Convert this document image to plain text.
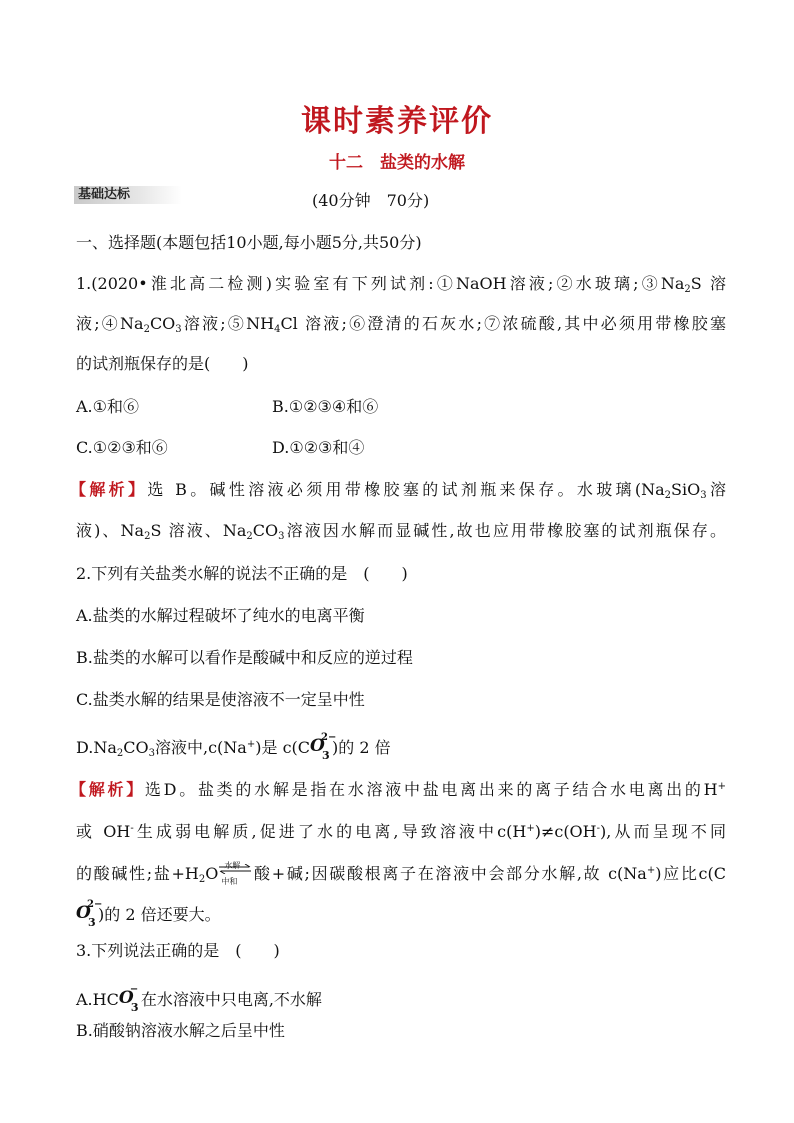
课时素养评价
十二　盐类的水解
基础达标	(40分钟　70分)
一、选择题(本题包括10小题,每小题5分,共50分)
1.(2020•淮北高二检测)实验室有下列试剂:①NaOH溶液;②水玻璃$;③Na_2S$ 溶
液$;④Na_2CO_3$溶液$;⑤NH_4Cl$ 溶液;⑥澄清的石灰水;⑦浓硫酸,其中必须用带橡胶塞
的试剂瓶保存的是(　　)
A.①和⑥	B.①②③④和⑥
C.①②③和⑥	D.①②③和④
【解析】选 B。碱性溶液必须用带橡胶塞的试剂瓶来保存。水玻璃($Na_2SiO_3$溶
液)、$Na_2S$ 溶液、$Na_2CO_3$溶液因水解而显碱性,故也应用带橡胶塞的试剂瓶保存。
2.下列有关盐类水解的说法不正确的是　(　　)
A.盐类的水解过程破坏了纯水的电离平衡
B.盐类的水解可以看作是酸碱中和反应的逆过程
C.盐类水解的结果是使溶液不一定呈中性
$D.Na_2CO_3$溶液中,c(Na+)是 c(C O
3
2−
)的 2 倍
【解析】选D。盐类的水解是指在水溶液中盐电离出来的离子结合水电离出的H+
或 OH-生成弱电解质,促进了水的电离,导致溶液中c(H+)≠c(OH-),从而呈现不同
的酸碱性;盐$+H_2O$ 水解
中和 酸+碱;因碳酸根离子在溶液中会部分水解,故 c(Na+)应比c(C
O
3
2−
)的 2 倍还要大。
3.下列说法正确的是　(　　)
A.HC O
3
−
在水溶液中只电离,不水解
B.硝酸钠溶液水解之后呈中性
